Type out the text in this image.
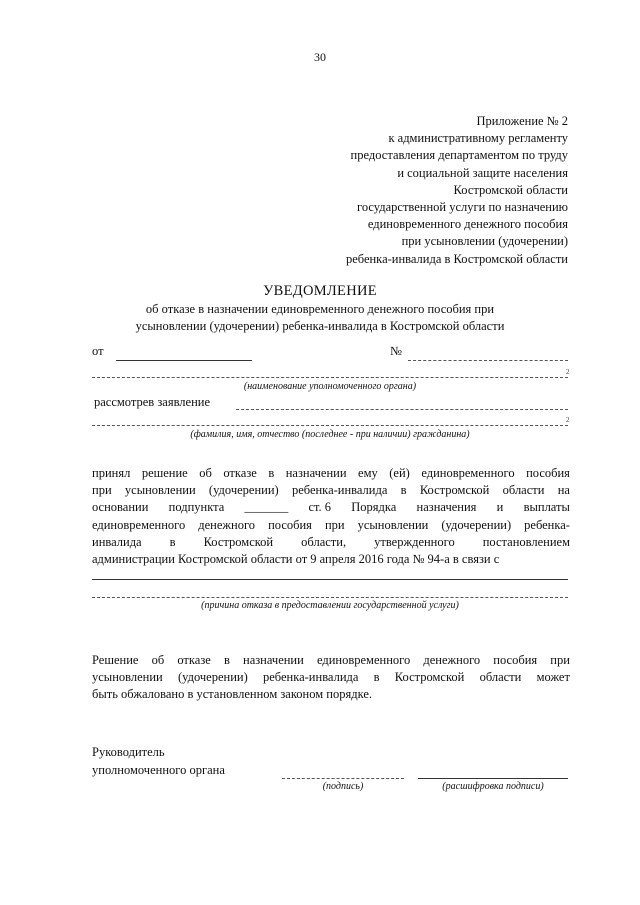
30
Приложение № 2
к административному регламенту
предоставления департаментом по труду
и социальной защите населения
Костромской области
государственной услуги по назначению
единовременного денежного пособия
при усыновлении (удочерении)
ребенка-инвалида в Костромской области
УВЕДОМЛЕНИЕ
об отказе в назначении единовременного денежного пособия при
усыновлении (удочерении) ребенка-инвалида в Костромской области
от	№
2
(наименование уполномоченного органа)
рассмотрев заявление
2
(фамилия, имя, отчество (последнее - при наличии) гражданина)
принял решение об отказе в назначении ему (ей) единовременного пособия
при усыновлении (удочерении) ребенка-инвалида в Костромской области на
основании подпункта _______ ст. 6 Порядка назначения и выплаты
единовременного денежного пособия при усыновлении (удочерении) ребенка-
инвалида в Костромской области, утвержденного постановлением
администрации Костромской области от 9 апреля 2016 года № 94-а в связи с
(причина отказа в предоставлении государственной услуги)
Решение об отказе в назначении единовременного денежного пособия при
усыновлении (удочерении) ребенка-инвалида в Костромской области может
быть обжаловано в установленном законом порядке.
Руководитель
уполномоченного органа
(подпись)	(расшифровка подписи)
